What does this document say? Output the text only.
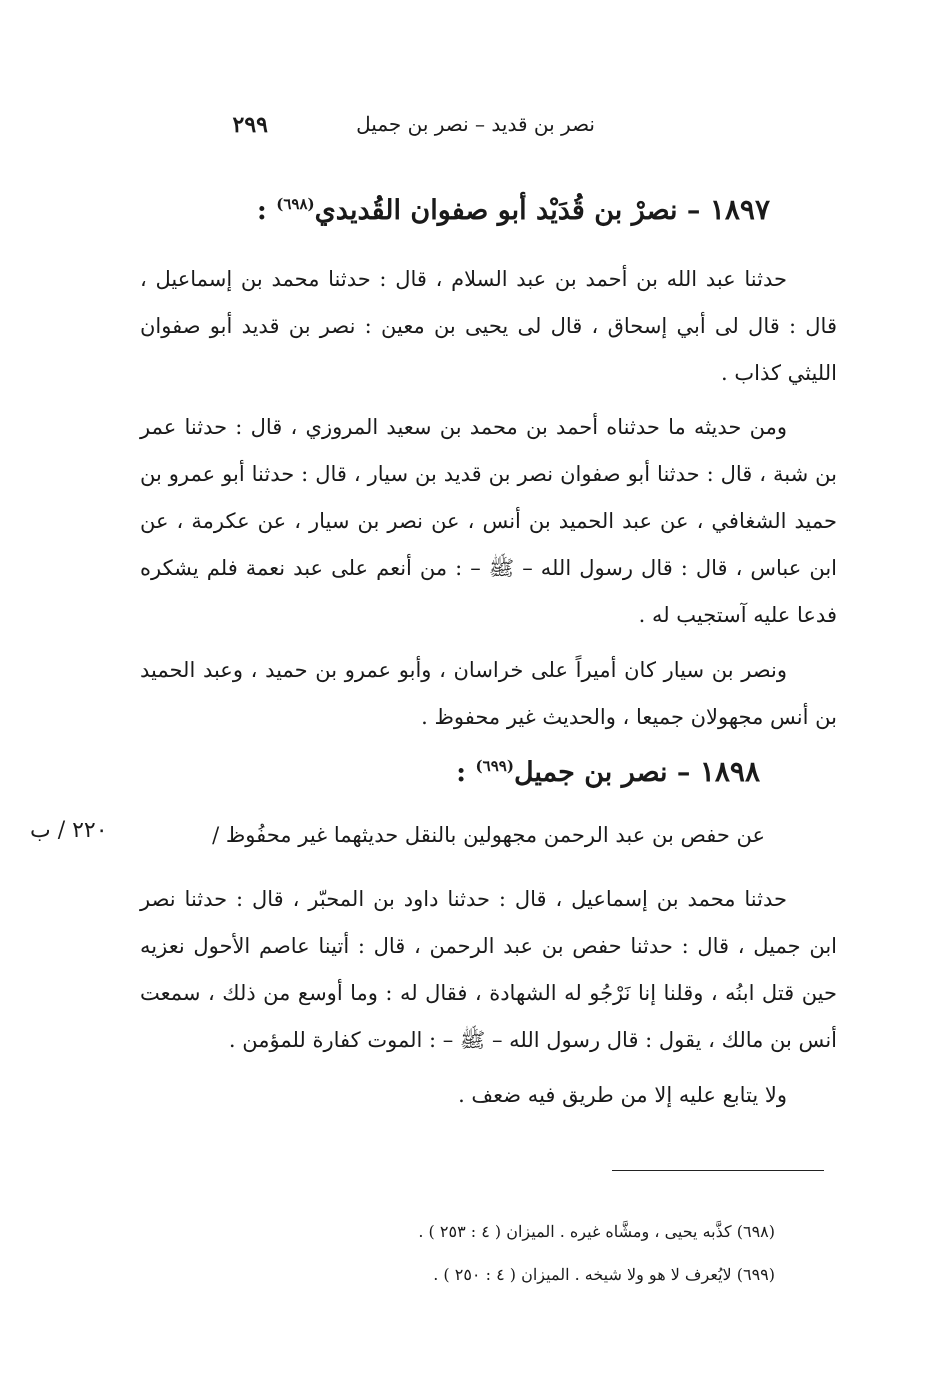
نصر بن قديد – نصر بن جميل
٢٩٩
١٨٩٧ – نصرْ بن قُدَيْد أبو صفوان القُديدي$^{(٦٩٨)}$ :
حدثنا عبد الله بن أحمد بن عبد السلام ، قال : حدثنا محمد بن إسماعيل ، قال : قال لى أبي إسحاق ، قال لى يحيى بن معين : نصر بن قديد أبو صفوان الليثي كذاب .
ومن حديثه ما حدثناه أحمد بن محمد بن سعيد المروزي ، قال : حدثنا عمر بن شبة ، قال : حدثنا أبو صفوان نصر بن قديد بن سيار ، قال : حدثنا أبو عمرو بن حميد الشغافي ، عن عبد الحميد بن أنس ، عن نصر بن سيار ، عن عكرمة ، عن ابن عباس ، قال : قال رسول الله – ﷺ – : من أنعم على عبد نعمة فلم يشكره فدعا عليه آستجيب له .
ونصر بن سيار كان أميراً على خراسان ، وأبو عمرو بن حميد ، وعبد الحميد بن أنس مجهولان جميعا ، والحديث غير محفوظ .
١٨٩٨ – نصر بن جميل$^{(٦٩٩)}$ :
عن حفص بن عبد الرحمن مجهولين بالنقل حديثهما غير محفُوظ /
٢٢٠ / ب
حدثنا محمد بن إسماعيل ، قال : حدثنا داود بن المحبّر ، قال : حدثنا نصر ابن جميل ، قال : حدثنا حفص بن عبد الرحمن ، قال : أتينا عاصم الأحول نعزيه حين قتل ابنُه ، وقلنا إنا نَرْجُو له الشهادة ، فقال له : وما أوسع من ذلك ، سمعت أنس بن مالك ، يقول : قال رسول الله – ﷺ – : الموت كفارة للمؤمن .
ولا يتابع عليه إلا من طريق فيه ضعف .
(٦٩٨) كذَّبه يحيى ، ومشَّاه غيره . الميزان ( ٤ : ٢٥٣ ) .
(٦٩٩) لايُعرف لا هو ولا شيخه . الميزان ( ٤ : ٢٥٠ ) .
